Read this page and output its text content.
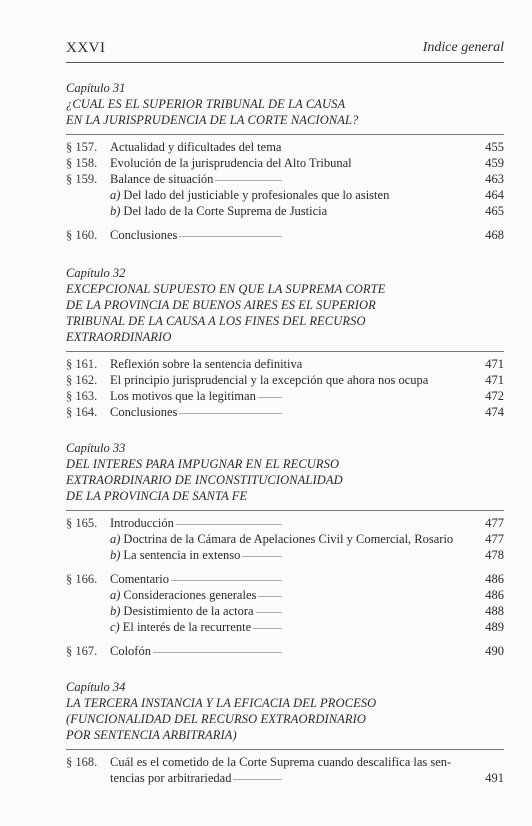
XXVI	Indice general
Capítulo 31
¿CUAL ES EL SUPERIOR TRIBUNAL DE LA CAUSA
EN LA JURISPRUDENCIA DE LA CORTE NACIONAL?
§ 157.	Actualidad y dificultades del tema . . .	455
§ 158.	Evolución de la jurisprudencia del Alto Tribunal . . .	459
§ 159.	Balance de situación . . .	463
a) Del lado del justiciable y profesionales que lo asisten . . .	464
b) Del lado de la Corte Suprema de Justicia . . .	465
§ 160.	Conclusiones . . .	468
Capítulo 32
EXCEPCIONAL SUPUESTO EN QUE LA SUPREMA CORTE
DE LA PROVINCIA DE BUENOS AIRES ES EL SUPERIOR
TRIBUNAL DE LA CAUSA A LOS FINES DEL RECURSO
EXTRAORDINARIO
§ 161.	Reflexión sobre la sentencia definitiva . . .	471
§ 162.	El principio jurisprudencial y la excepción que ahora nos ocupa . . .	471
§ 163.	Los motivos que la legitiman . . .	472
§ 164.	Conclusiones . . .	474
Capítulo 33
DEL INTERES PARA IMPUGNAR EN EL RECURSO
EXTRAORDINARIO DE INCONSTITUCIONALIDAD
DE LA PROVINCIA DE SANTA FE
§ 165.	Introducción . . .	477
a) Doctrina de la Cámara de Apelaciones Civil y Comercial, Rosario . . .	477
b) La sentencia in extenso . . .	478
§ 166.	Comentario . . .	486
a) Consideraciones generales . . .	486
b) Desistimiento de la actora . . .	488
c) El interés de la recurrente . . .	489
§ 167.	Colofón . . .	490
Capítulo 34
LA TERCERA INSTANCIA Y LA EFICACIA DEL PROCESO
(FUNCIONALIDAD DEL RECURSO EXTRAORDINARIO
POR SENTENCIA ARBITRARIA)
§ 168.	Cuál es el cometido de la Corte Suprema cuando descalifica las sen-
tencias por arbitrariedad . . .	491
